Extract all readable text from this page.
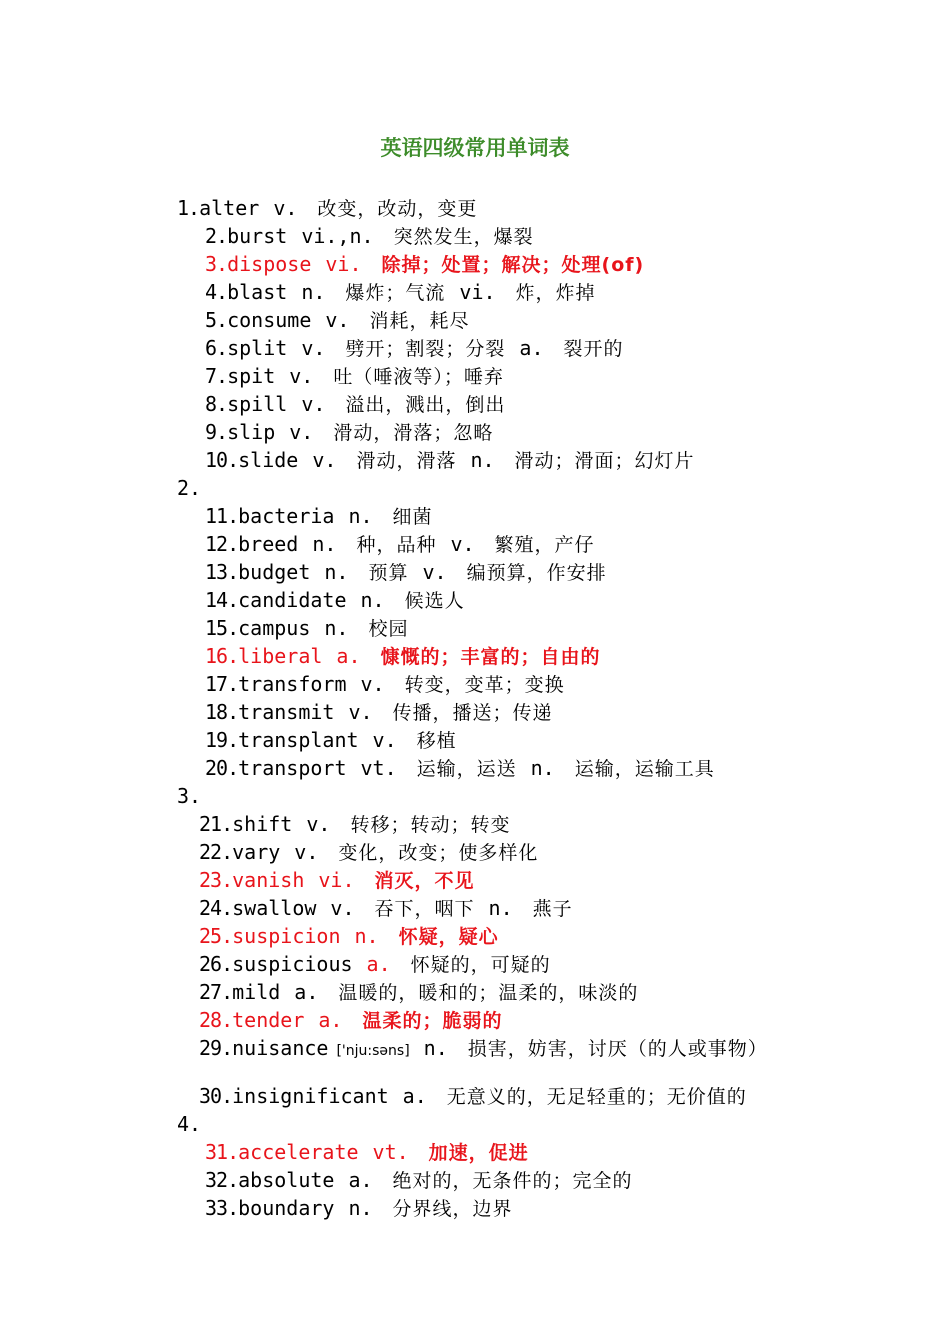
英语四级常用单词表
1.alter v. 改变，改动，变更
2.burst vi.,n. 突然发生，爆裂
3.dispose vi. 除掉；处置；解决；处理(of)
4.blast n. 爆炸；气流 vi. 炸，炸掉
5.consume v. 消耗，耗尽
6.split v. 劈开；割裂；分裂 a. 裂开的
7.spit v. 吐（唾液等）；唾弃
8.spill v. 溢出，溅出，倒出
9.slip v. 滑动，滑落；忽略
10.slide v. 滑动，滑落 n. 滑动；滑面；幻灯片
11.bacteria n. 细菌
12.breed n. 种，品种 v. 繁殖，产仔
13.budget n. 预算 v. 编预算，作安排
14.candidate n. 候选人
15.campus n. 校园
16.liberal a. 慷慨的；丰富的；自由的
17.transform v. 转变，变革；变换
18.transmit v. 传播，播送；传递
19.transplant v. 移植
20.transport vt. 运输，运送 n. 运输，运输工具
21.shift v. 转移；转动；转变
22.vary v. 变化，改变；使多样化
23.vanish vi. 消灭，不见
24.swallow v. 吞下，咽下 n. 燕子
25.suspicion n. 怀疑，疑心
26.suspicious a. 怀疑的，可疑的
27.mild a. 温暖的，暖和的；温柔的，味淡的
28.tender a. 温柔的；脆弱的
29.nuisance ['nju:səns] n. 损害，妨害，讨厌（的人或事物）
30.insignificant a. 无意义的，无足轻重的；无价值的
31.accelerate vt. 加速，促进
32.absolute a. 绝对的，无条件的；完全的
33.boundary n. 分界线，边界
2.
3.
4.
